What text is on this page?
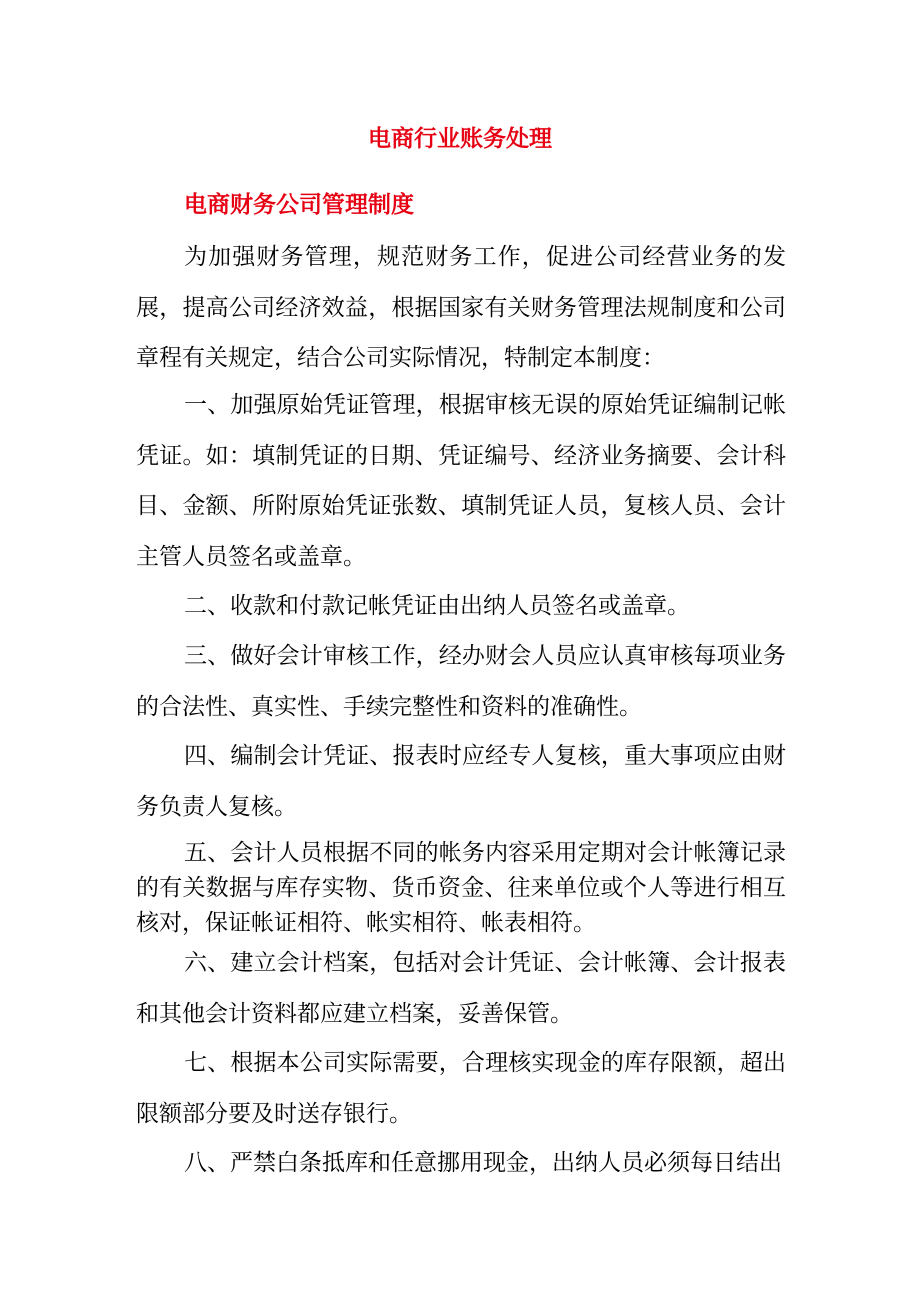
电商行业账务处理
电商财务公司管理制度

为加强财务管理，规范财务工作，促进公司经营业务的发展，提高公司经济效益，根据国家有关财务管理法规制度和公司章程有关规定，结合公司实际情况，特制定本制度：

一、加强原始凭证管理，根据审核无误的原始凭证编制记帐凭证。如：填制凭证的日期、凭证编号、经济业务摘要、会计科目、金额、所附原始凭证张数、填制凭证人员，复核人员、会计主管人员签名或盖章。

二、收款和付款记帐凭证由出纳人员签名或盖章。

三、做好会计审核工作，经办财会人员应认真审核每项业务的合法性、真实性、手续完整性和资料的准确性。

四、编制会计凭证、报表时应经专人复核，重大事项应由财务负责人复核。

五、会计人员根据不同的帐务内容采用定期对会计帐簿记录的有关数据与库存实物、货币资金、往来单位或个人等进行相互核对，保证帐证相符、帐实相符、帐表相符。

六、建立会计档案，包括对会计凭证、会计帐簿、会计报表和其他会计资料都应建立档案，妥善保管。

七、根据本公司实际需要，合理核实现金的库存限额，超出限额部分要及时送存银行。

八、严禁白条抵库和任意挪用现金，出纳人员必须每日结出
